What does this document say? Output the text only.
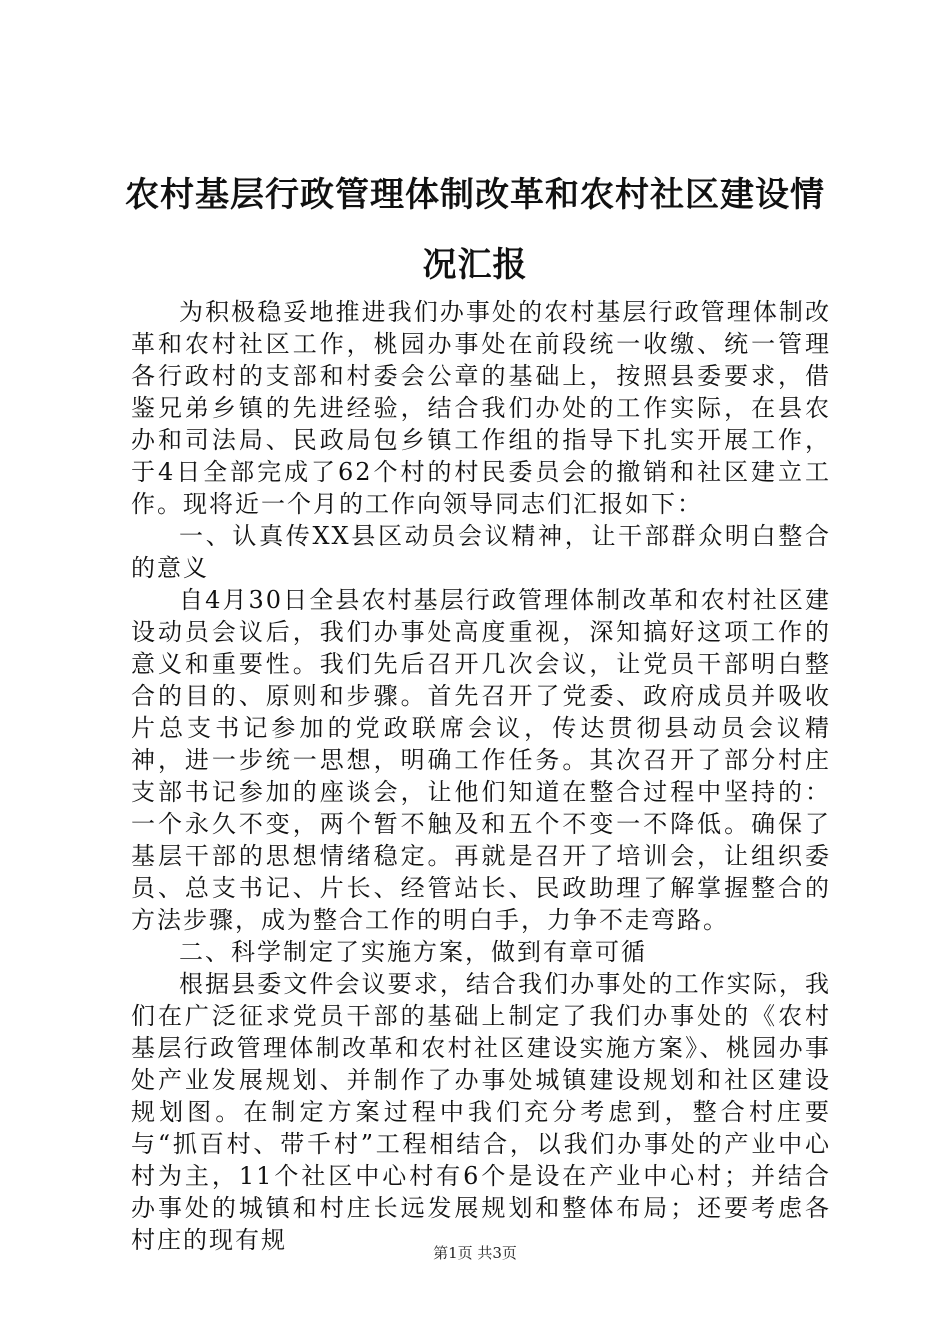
农村基层行政管理体制改革和农村社区建设情况汇报

为积极稳妥地推进我们办事处的农村基层行政管理体制改革和农村社区工作，桃园办事处在前段统一收缴、统一管理各行政村的支部和村委会公章的基础上，按照县委要求，借鉴兄弟乡镇的先进经验，结合我们办处的工作实际，在县农办和司法局、民政局包乡镇工作组的指导下扎实开展工作，于4日全部完成了62个村的村民委员会的撤销和社区建立工作。现将近一个月的工作向领导同志们汇报如下：

一、认真传XX县区动员会议精神，让干部群众明白整合的意义

自4月30日全县农村基层行政管理体制改革和农村社区建设动员会议后，我们办事处高度重视，深知搞好这项工作的意义和重要性。我们先后召开几次会议，让党员干部明白整合的目的、原则和步骤。首先召开了党委、政府成员并吸收片总支书记参加的党政联席会议，传达贯彻县动员会议精神，进一步统一思想，明确工作任务。其次召开了部分村庄支部书记参加的座谈会，让他们知道在整合过程中坚持的：一个永久不变，两个暂不触及和五个不变一不降低。确保了基层干部的思想情绪稳定。再就是召开了培训会，让组织委员、总支书记、片长、经管站长、民政助理了解掌握整合的方法步骤，成为整合工作的明白手，力争不走弯路。

二、科学制定了实施方案，做到有章可循

根据县委文件会议要求，结合我们办事处的工作实际，我们在广泛征求党员干部的基础上制定了我们办事处的《农村基层行政管理体制改革和农村社区建设实施方案》、桃园办事处产业发展规划、并制作了办事处城镇建设规划和社区建设规划图。在制定方案过程中我们充分考虑到，整合村庄要与“抓百村、带千村”工程相结合，以我们办事处的产业中心村为主，11个社区中心村有6个是设在产业中心村；并结合办事处的城镇和村庄长远发展规划和整体布局；还要考虑各村庄的现有规	第1页 共3页
